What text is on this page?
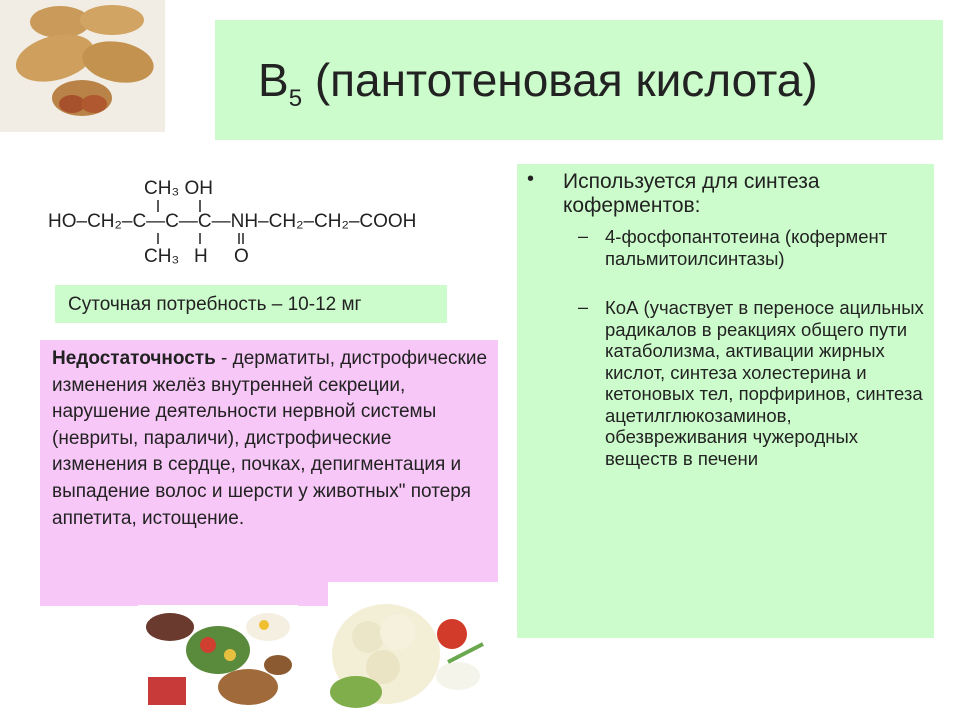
$B_5$ (пантотеновая кислота)
CH₃ OH
HO–CH₂–C—C—C—NH–CH₂–CH₂–COOH
CH₃ H O
Суточная потребность – 10-12 мг
Недостаточность - дерматиты, дистрофические изменения желёз внутренней секреции, нарушение деятельности нервной системы (невриты, параличи), дистрофические изменения в сердце, почках, депигментация и выпадение волос и шерсти у животных" потеря аппетита, истощение.
• Используется для синтеза коферментов:
– 4-фосфопантотеина (кофермент пальмитоилсинтазы)
– КоА (участвует в переносе ацильных радикалов в реакциях общего пути катаболизма, активации жирных кислот, синтеза холестерина и кетоновых тел, порфиринов, синтеза ацетилглюкозаминов, обезвреживания чужеродных веществ в печени
